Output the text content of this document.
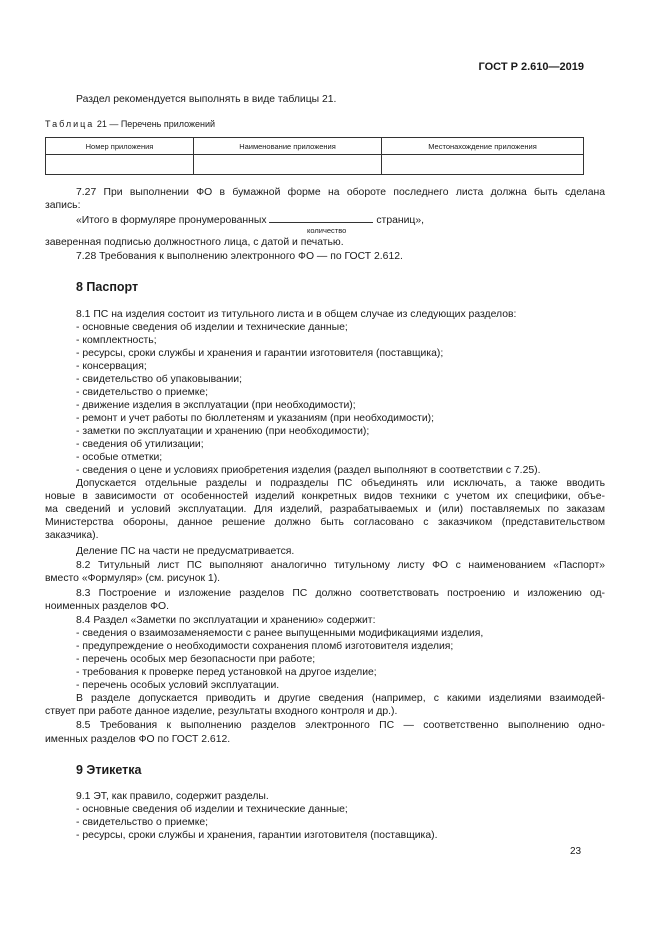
ГОСТ Р 2.610—2019
Раздел рекомендуется выполнять в виде таблицы 21.
Таблица 21 — Перечень приложений
Номер приложения	Наименование приложения	Местонахождение приложения

7.27 При выполнении ФО в бумажной форме на обороте последнего листа должна быть сделана
запись:
«Итого в формуляре пронумерованных	страниц»,
количество
заверенная подписью должностного лица, с датой и печатью.
7.28 Требования к выполнению электронного ФО — по ГОСТ 2.612.
8 Паспорт
8.1 ПС на изделия состоит из титульного листа и в общем случае из следующих разделов:
- основные сведения об изделии и технические данные;
- комплектность;
- ресурсы, сроки службы и хранения и гарантии изготовителя (поставщика);
- консервация;
- свидетельство об упаковывании;
- свидетельство о приемке;
- движение изделия в эксплуатации (при необходимости);
- ремонт и учет работы по бюллетеням и указаниям (при необходимости);
- заметки по эксплуатации и хранению (при необходимости);
- сведения об утилизации;
- особые отметки;
- сведения о цене и условиях приобретения изделия (раздел выполняют в соответствии с 7.25).
Допускается отдельные разделы и подразделы ПС объединять или исключать, а также вводить
новые в зависимости от особенностей изделий конкретных видов техники с учетом их специфики, объе-
ма сведений и условий эксплуатации. Для изделий, разрабатываемых и (или) поставляемых по заказам
Министерства обороны, данное решение должно быть согласовано с заказчиком (представительством
заказчика).
Деление ПС на части не предусматривается.
8.2 Титульный лист ПС выполняют аналогично титульному листу ФО с наименованием «Паспорт»
вместо «Формуляр» (см. рисунок 1).
8.3 Построение и изложение разделов ПС должно соответствовать построению и изложению од-
ноименных разделов ФО.
8.4 Раздел «Заметки по эксплуатации и хранению» содержит:
- сведения о взаимозаменяемости с ранее выпущенными модификациями изделия,
- предупреждение о необходимости сохранения пломб изготовителя изделия;
- перечень особых мер безопасности при работе;
- требования к проверке перед установкой на другое изделие;
- перечень особых условий эксплуатации.
В разделе допускается приводить и другие сведения (например, с какими изделиями взаимодей-
ствует при работе данное изделие, результаты входного контроля и др.).
8.5 Требования к выполнению разделов электронного ПС — соответственно выполнению одно-
именных разделов ФО по ГОСТ 2.612.
9 Этикетка
9.1 ЭТ, как правило, содержит разделы.
- основные сведения об изделии и технические данные;
- свидетельство о приемке;
- ресурсы, сроки службы и хранения, гарантии изготовителя (поставщика).
23
